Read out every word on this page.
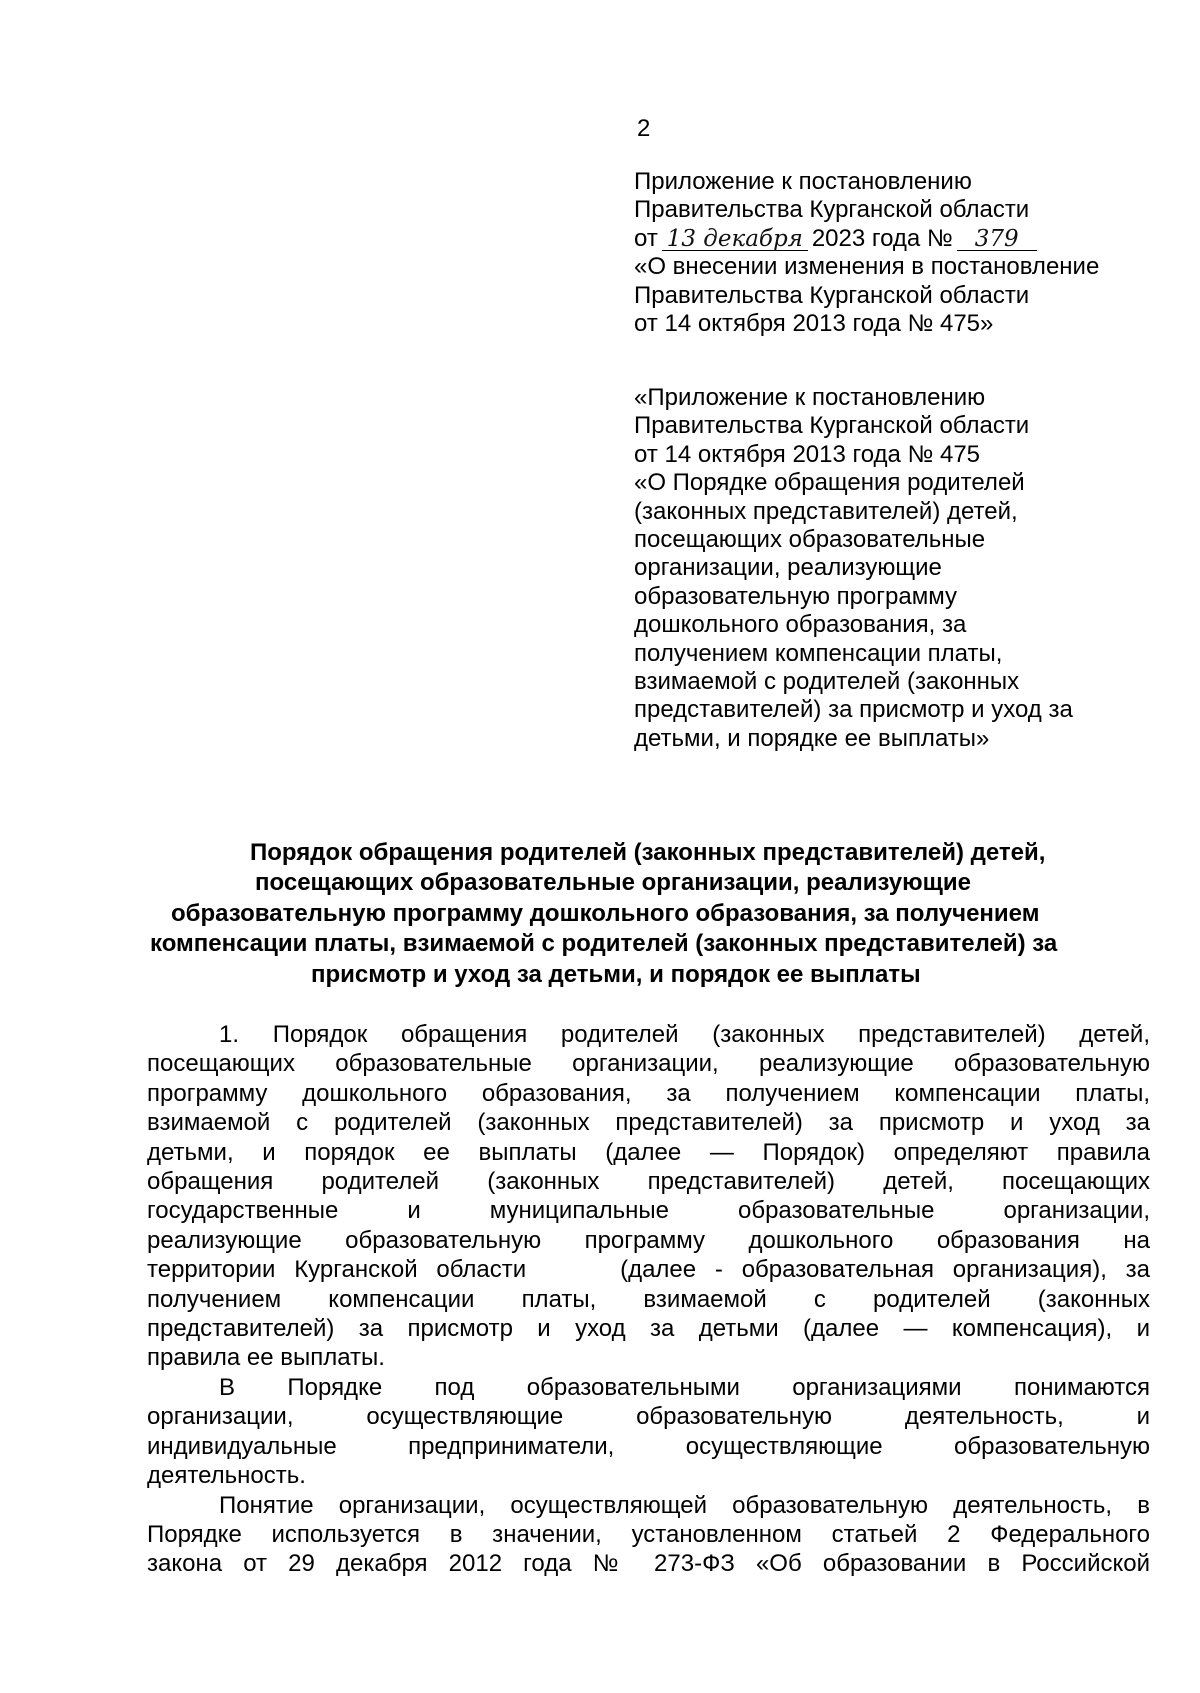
2
Приложение к постановлению
Правительства Курганской области
от 13 декабря 2023 года № 379
«О внесении изменения в постановление
Правительства Курганской области
от 14 октября 2013 года № 475»
«Приложение к постановлению
Правительства Курганской области
от 14 октября 2013 года № 475
«О Порядке обращения родителей
(законных представителей) детей,
посещающих образовательные
организации, реализующие
образовательную программу
дошкольного образования, за
получением компенсации платы,
взимаемой с родителей (законных
представителей) за присмотр и уход за
детьми, и порядке ее выплаты»
Порядок обращения родителей (законных представителей) детей,
посещающих образовательные организации, реализующие
образовательную программу дошкольного образования, за получением
компенсации платы, взимаемой с родителей (законных представителей) за
присмотр и уход за детьми, и порядок ее выплаты
1. Порядок обращения родителей (законных представителей) детей,
посещающих образовательные организации, реализующие образовательную
программу дошкольного образования, за получением компенсации платы,
взимаемой с родителей (законных представителей) за присмотр и уход за
детьми, и порядок ее выплаты (далее — Порядок) определяют правила
обращения родителей (законных представителей) детей, посещающих
государственные и муниципальные образовательные организации,
реализующие образовательную программу дошкольного образования на
территории Курганской области     (далее - образовательная организация), за
получением компенсации платы, взимаемой с родителей (законных
представителей) за присмотр и уход за детьми (далее — компенсация), и
правила ее выплаты.
В Порядке под образовательными организациями понимаются
организации, осуществляющие образовательную деятельность, и
индивидуальные предприниматели, осуществляющие образовательную
деятельность.
Понятие организации, осуществляющей образовательную деятельность, в
Порядке используется в значении, установленном статьей 2 Федерального
закона от 29 декабря 2012 года № 273-ФЗ «Об образовании в Российской
